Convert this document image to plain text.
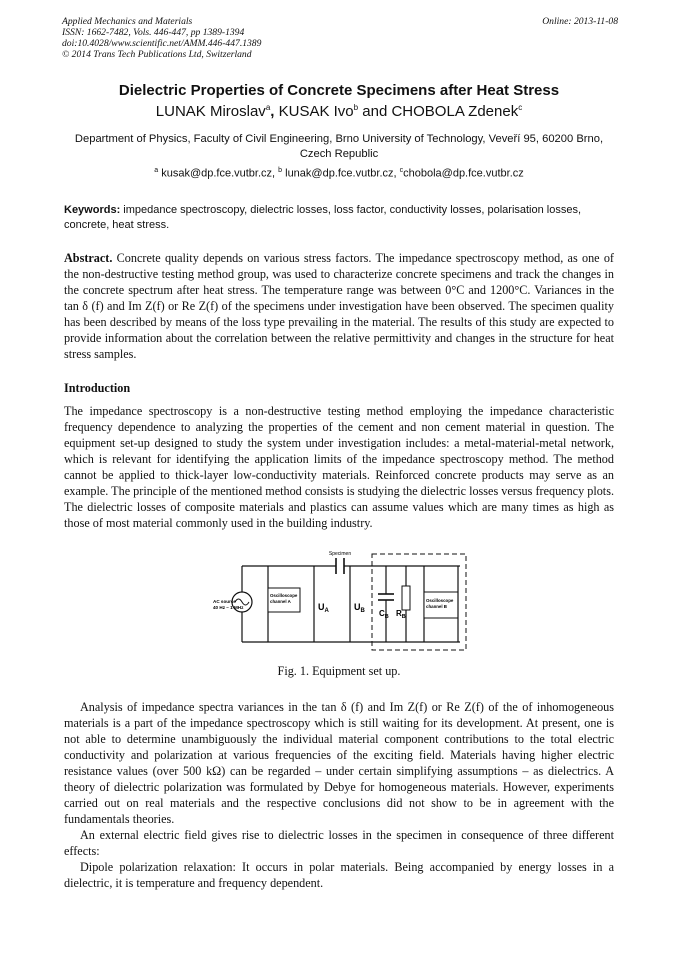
Applied Mechanics and Materials
ISSN: 1662-7482, Vols. 446-447, pp 1389-1394
doi:10.4028/www.scientific.net/AMM.446-447.1389
© 2014 Trans Tech Publications Ltd, Switzerland
Online: 2013-11-08
Dielectric Properties of Concrete Specimens after Heat Stress
LUNAK Miroslav$^a$, KUSAK Ivo$^b$ and CHOBOLA Zdenek$^c$
Department of Physics, Faculty of Civil Engineering, Brno University of Technology, Veveří 95, 60200 Brno, Czech Republic
$^a$ kusak@dp.fce.vutbr.cz, $^b$ lunak@dp.fce.vutbr.cz, $^c$chobola@dp.fce.vutbr.cz
Keywords: impedance spectroscopy, dielectric losses, loss factor, conductivity losses, polarisation losses, concrete, heat stress.

Abstract. Concrete quality depends on various stress factors. The impedance spectroscopy method, as one of the non-destructive testing method group, was used to characterize concrete specimens and track the changes in the concrete spectrum after heat stress. The temperature range was between 0°C and 1200°C. Variances in the tan δ (f) and Im Z(f) or Re Z(f) of the specimens under investigation have been observed. The specimen quality has been described by means of the loss type prevailing in the material. The results of this study are expected to provide information about the correlation between the relative permittivity and changes in the structure for heat stress samples.

Introduction

The impedance spectroscopy is a non-destructive testing method employing the impedance characteristic frequency dependence to analyzing the properties of the cement and non cement material in question. The equipment set-up designed to study the system under investigation includes: a metal-material-metal network, which is relevant for identifying the application limits of the impedance spectroscopy method. The method cannot be applied to thick-layer low-conductivity materials. Reinforced concrete products may serve as an example. The principle of the mentioned method consists is studying the dielectric losses versus frequency plots. The dielectric losses of composite materials and plastics can assume values which are many times as high as those of most material commonly used in the building industry.

Specimen
AC source
40 Hz – 1 MHz
Oscilloscope
channel A
$U_A$	$U_B$ $C_B$ $R_B$
Oscilloscope
channel B
Fig. 1. Equipment set up.

Analysis of impedance spectra variances in the tan δ (f) and Im Z(f) or Re Z(f) of the of inhomogeneous materials is a part of the impedance spectroscopy which is still waiting for its development. At present, one is not able to determine unambiguously the individual material component contributions to the total electric conductivity and polarization at various frequencies of the exciting field. Materials having higher electric resistance values (over 500 kΩ) can be regarded – under certain simplifying assumptions – as dielectrics. A theory of dielectric polarization was formulated by Debye for homogeneous materials. However, experiments carried out on real materials and the respective conclusions did not show to be in agreement with the fundamentals theories.

An external electric field gives rise to dielectric losses in the specimen in consequence of three different effects:

Dipole polarization relaxation: It occurs in polar materials. Being accompanied by energy losses in a dielectric, it is temperature and frequency dependent.
